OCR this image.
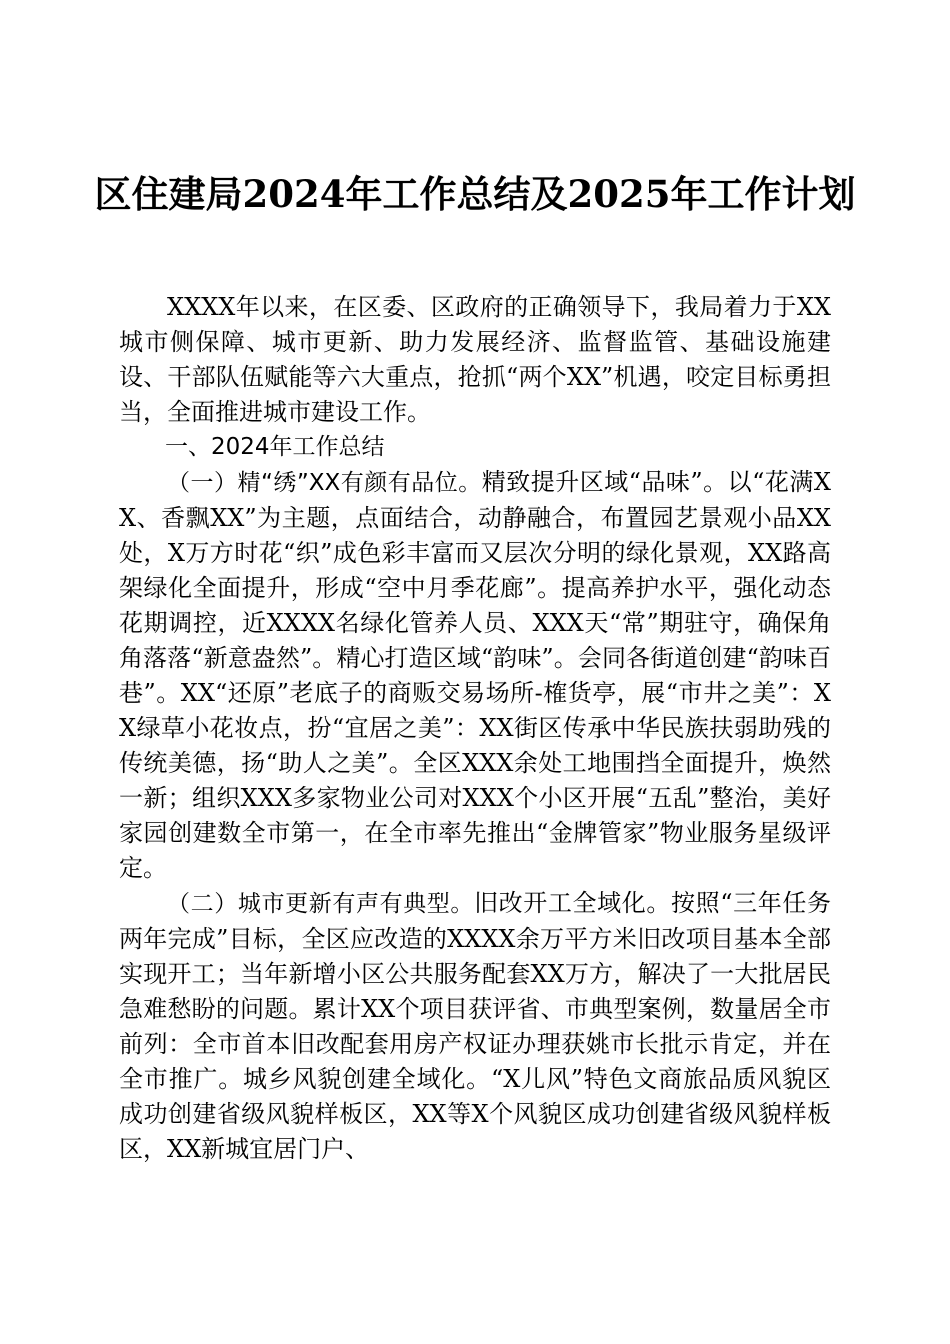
区住建局2024年工作总结及2025年工作计划

XXXX年以来，在区委、区政府的正确领导下，我局着力于XX城市侧保障、城市更新、助力发展经济、监督监管、基础设施建设、干部队伍赋能等六大重点，抢抓“两个XX”机遇，咬定目标勇担当，全面推进城市建设工作。

一、2024年工作总结

（一）精“绣”XX有颜有品位。精致提升区域“品味”。以“花满XX、香飘XX”为主题，点面结合，动静融合，布置园艺景观小品XX处，X万方时花“织”成色彩丰富而又层次分明的绿化景观，XX路高架绿化全面提升，形成“空中月季花廊”。提高养护水平，强化动态花期调控，近XXXX名绿化管养人员、XXX天“常”期驻守，确保角角落落“新意盎然”。精心打造区域“韵味”。会同各街道创建“韵味百巷”。XX“还原”老底子的商贩交易场所-榷货亭，展“市井之美”：XX绿草小花妆点，扮“宜居之美”：XX街区传承中华民族扶弱助残的传统美德，扬“助人之美”。全区XXX余处工地围挡全面提升，焕然一新；组织XXX多家物业公司对XXX个小区开展“五乱”整治，美好家园创建数全市第一，在全市率先推出“金牌管家”物业服务星级评定。

（二）城市更新有声有典型。旧改开工全域化。按照“三年任务两年完成”目标，全区应改造的XXXX余万平方米旧改项目基本全部实现开工；当年新增小区公共服务配套XX万方，解决了一大批居民急难愁盼的问题。累计XX个项目获评省、市典型案例，数量居全市前列：全市首本旧改配套用房产权证办理获姚市长批示肯定，并在全市推广。城乡风貌创建全域化。“X儿风”特色文商旅品质风貌区成功创建省级风貌样板区，XX等X个风貌区成功创建省级风貌样板区，XX新城宜居门户、
